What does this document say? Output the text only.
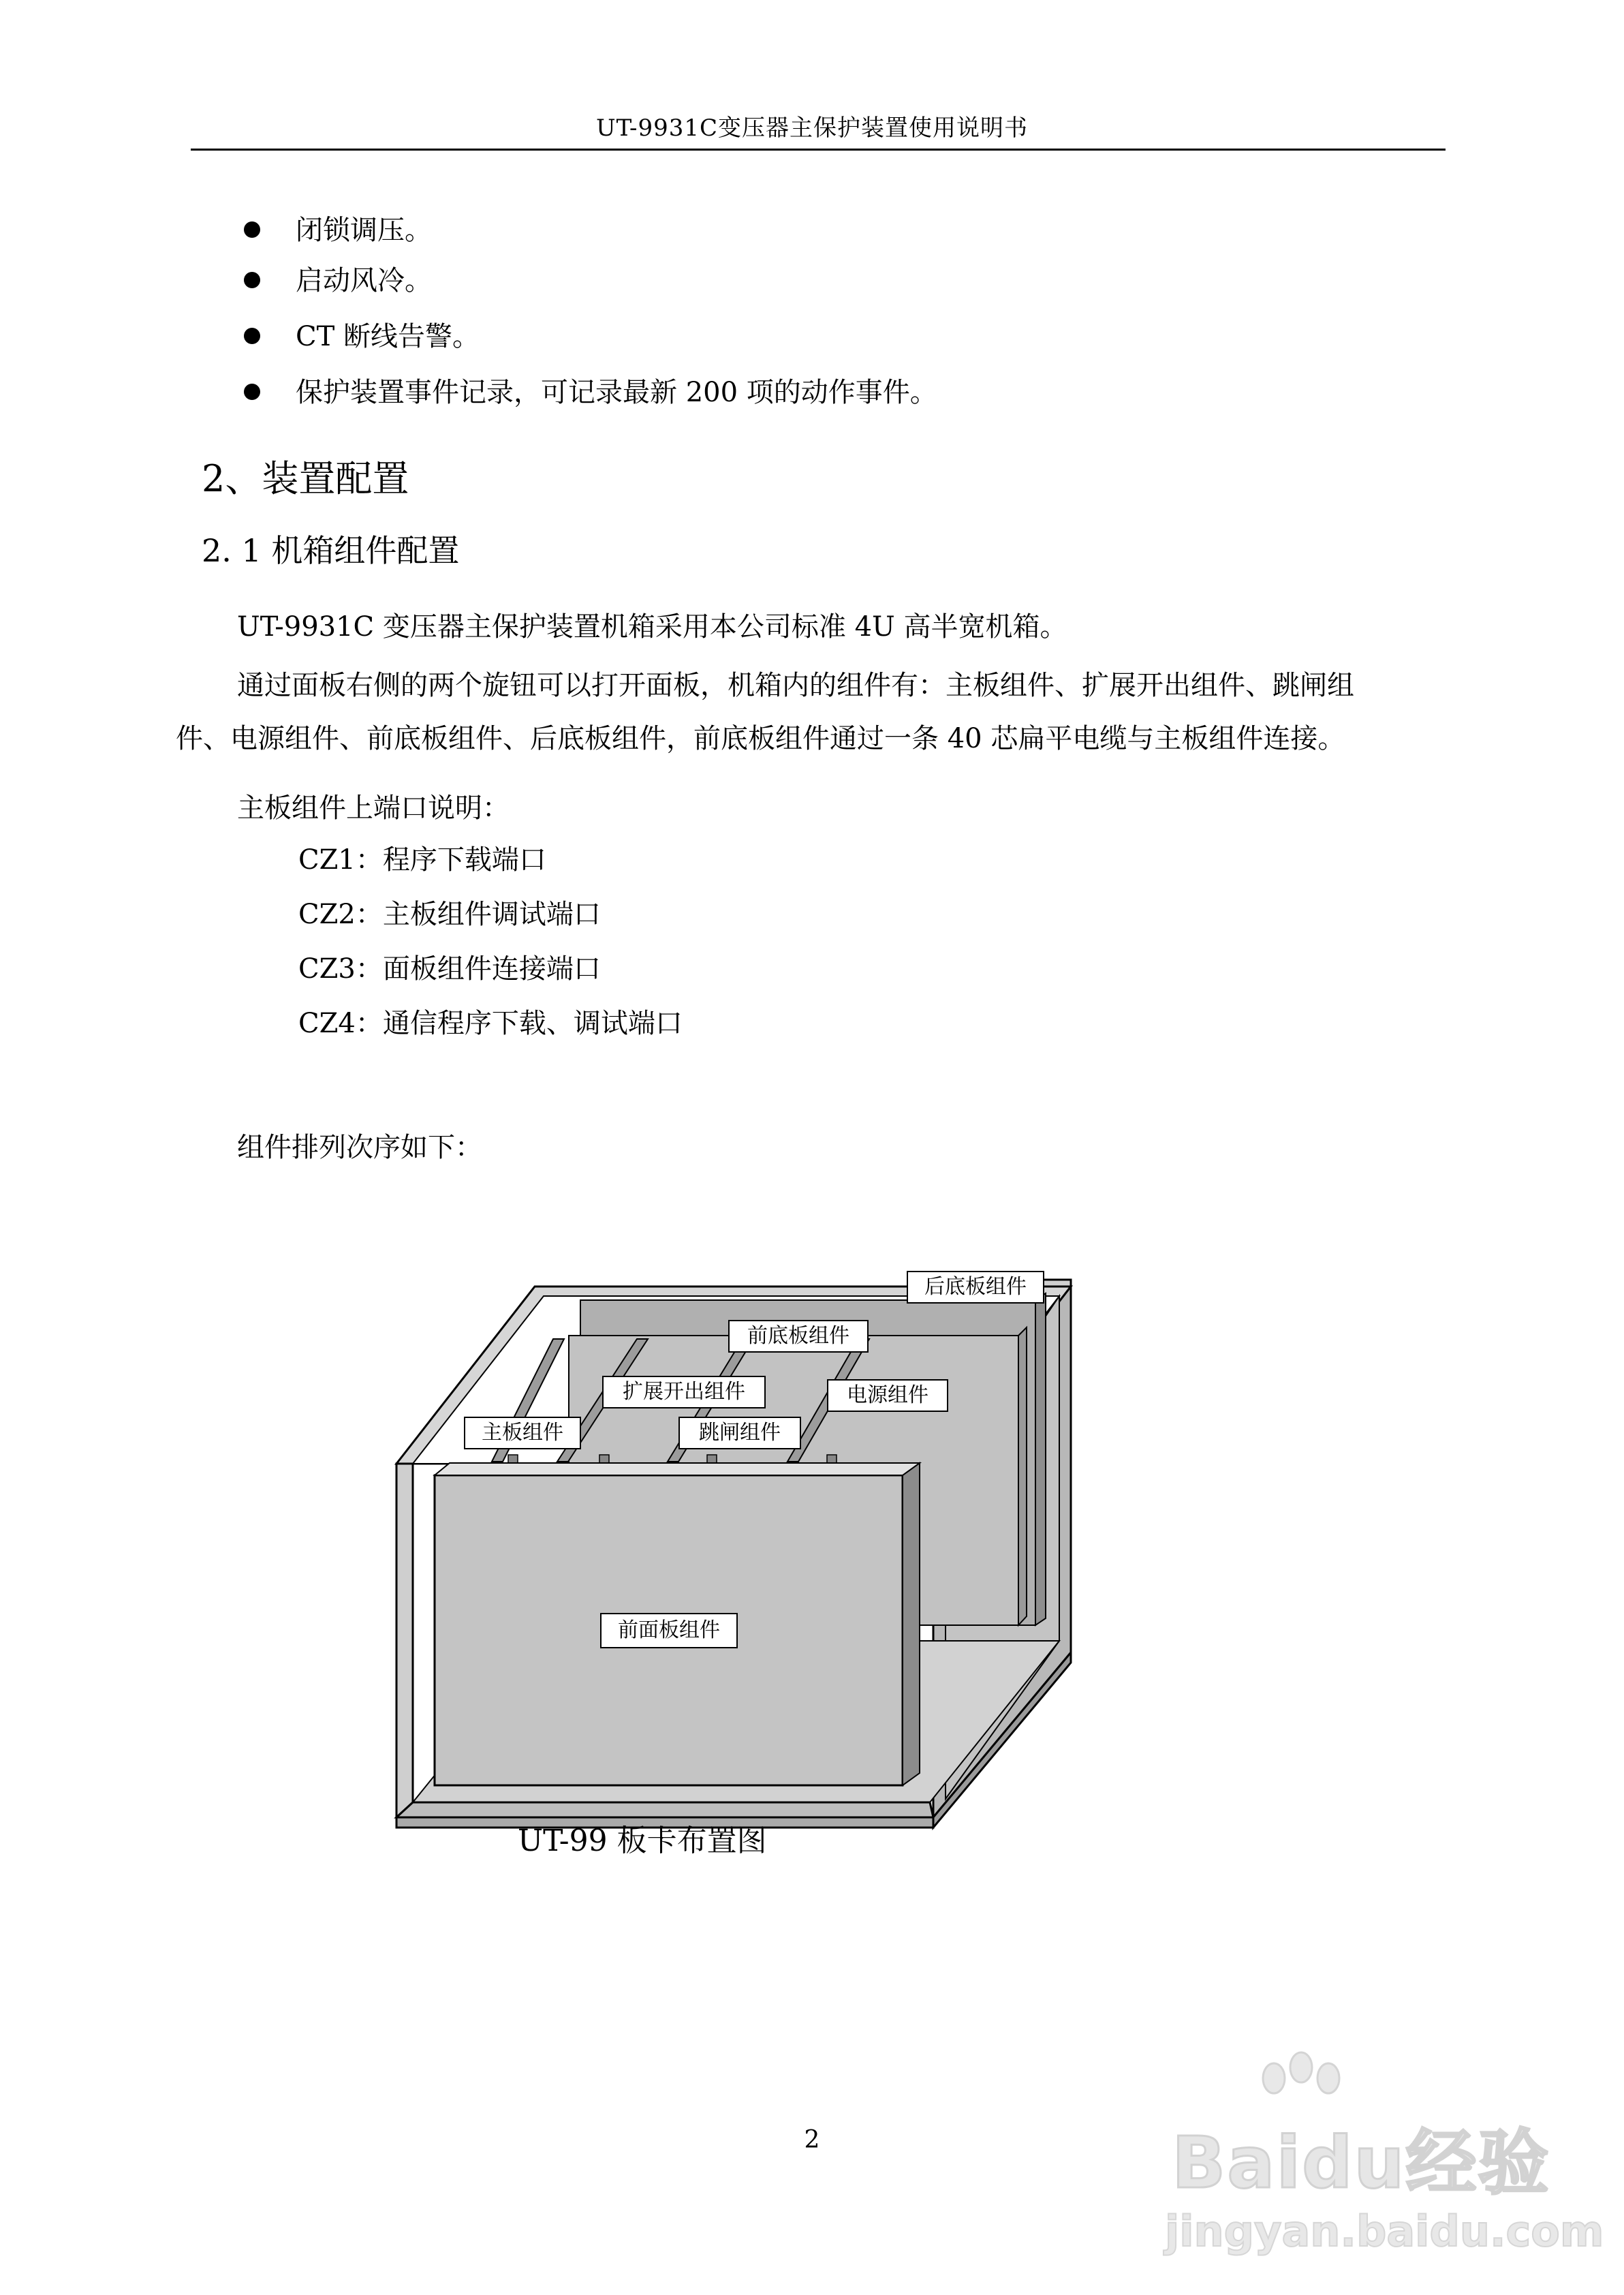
UT-9931C变压器主保护装置使用说明书
闭锁调压。
启动风冷。
CT 断线告警。
保护装置事件记录，可记录最新 200 项的动作事件。
2、装置配置
2. 1 机箱组件配置
UT-9931C 变压器主保护装置机箱采用本公司标准 4U 高半宽机箱。
通过面板右侧的两个旋钮可以打开面板，机箱内的组件有：主板组件、扩展开出组件、跳闸组
件、电源组件、前底板组件、后底板组件，前底板组件通过一条 40 芯扁平电缆与主板组件连接。
主板组件上端口说明：
CZ1：程序下载端口
CZ2：主板组件调试端口
CZ3：面板组件连接端口
CZ4：通信程序下载、调试端口
组件排列次序如下：
后底板组件
前底板组件
扩展开出组件	电源组件
主板组件	跳闸组件
前面板组件
UT-99 板卡布置图
2	Baidu经验
jingyan.baidu.com
